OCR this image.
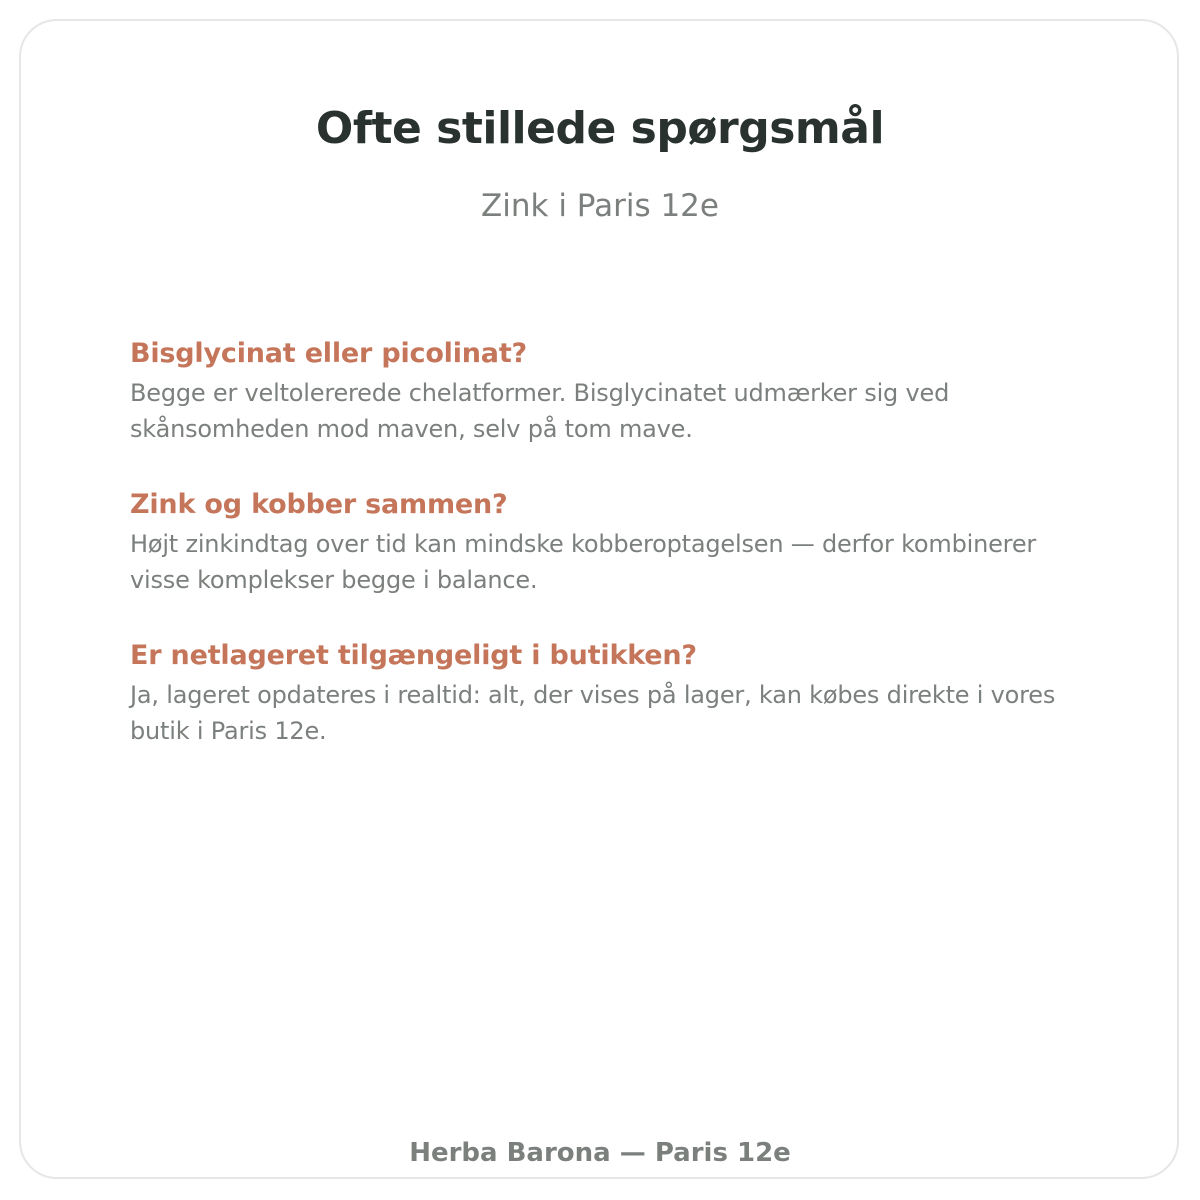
Ofte stillede spørgsmål
Zink i Paris 12e
Bisglycinat eller picolinat?
Begge er veltolererede chelatformer. Bisglycinatet udmærker sig ved skånsomheden mod maven, selv på tom mave.
Zink og kobber sammen?
Højt zinkindtag over tid kan mindske kobberoptagelsen — derfor kombinerer visse komplekser begge i balance.
Er netlageret tilgængeligt i butikken?
Ja, lageret opdateres i realtid: alt, der vises på lager, kan købes direkte i vores butik i Paris 12e.
Herba Barona — Paris 12e
